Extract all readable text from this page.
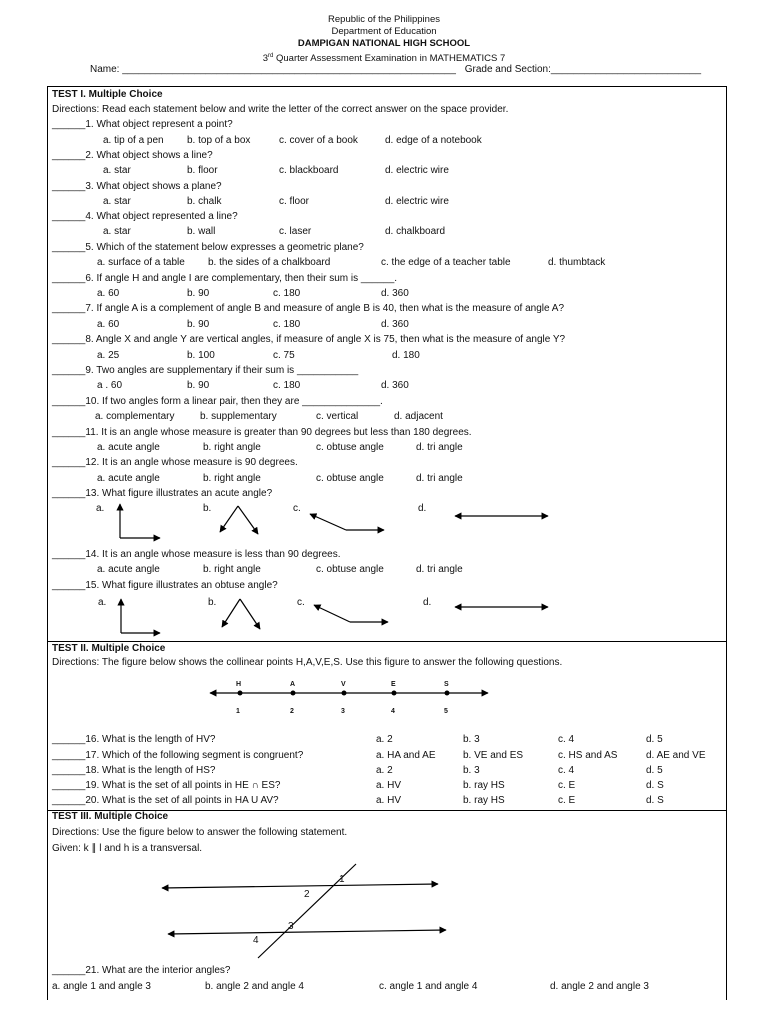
Republic of the Philippines
Department of Education
DAMPIGAN NATIONAL HIGH SCHOOL
3rd Quarter Assessment Examination in MATHEMATICS 7
Name: ____________________________________________________________ Grade and Section:___________________________
TEST I. Multiple Choice
Directions: Read each statement below and write the letter of the correct answer on the space provider.
______1. What object represent a point?
a. tip of a pen b. top of a box	c. cover of a book	d. edge of a notebook
______2. What object shows a line?
a. star	b. floor	c. blackboard	d. electric wire
______3. What object shows a plane?
a. star	b. chalk	c. floor	d. electric wire
______4. What object represented a line?
a. star	b. wall	c. laser	d. chalkboard
______5. Which of the statement below expresses a geometric plane?
a. surface of a table b. the sides of a chalkboard	c. the edge of a teacher table	d. thumbtack
______6. If angle H and angle I are complementary, then their sum is ______.
a. 60	b. 90	c. 180	d. 360
______7. If angle A is a complement of angle B and measure of angle B is 40, then what is the measure of angle A?
a. 60	b. 90	c. 180	d. 360
______8. Angle X and angle Y are vertical angles, if measure of angle X is 75, then what is the measure of angle Y?
a. 25	b. 100	c. 75	d. 180
______9. Two angles are supplementary if their sum is ___________
a . 60	b. 90	c. 180	d. 360
______10. If two angles form a linear pair, then they are ______________.
a. complementary	b. supplementary	c. vertical	d. adjacent
______11. It is an angle whose measure is greater than 90 degrees but less than 180 degrees.
a. acute angle	b. right angle	c. obtuse angle	d. tri angle
______12. It is an angle whose measure is 90 degrees.
a. acute angle	b. right angle	c. obtuse angle	d. tri angle
______13. What figure illustrates an acute angle?
a.	b.	c.	d.
______14. It is an angle whose measure is less than 90 degrees.
a. acute angle	b. right angle	c. obtuse angle	d. tri angle
______15. What figure illustrates an obtuse angle?
a.	b.	c.	d.
H	A	V	E	S
1	2	3	4	5
TEST II. Multiple Choice
Directions: The figure below shows the collinear points H,A,V,E,S. Use this figure to answer the following questions.
______16. What is the length of HV?	a. 2	b. 3	c. 4	d. 5
______17. Which of the following segment is congruent?	a. HA and AE	b. VE and ES	c. HS and AS	d. AE and VE
______18. What is the length of HS?	a. 2	b. 3	c. 4	d. 5
______19. What is the set of all points in HE ∩ ES?	a. HV	b. ray HS	c. E	d. S
______20. What is the set of all points in HA U AV?	a. HV	b. ray HS	c. E	d. S
TEST III. Multiple Choice
Directions: Use the figure below to answer the following statement.
Given: k ∥ l and h is a transversal.
1
2
3
4
______21. What are the interior angles?
a. angle 1 and angle 3	b. angle 2 and angle 4	c. angle 1 and angle 4	d. angle 2 and angle 3
